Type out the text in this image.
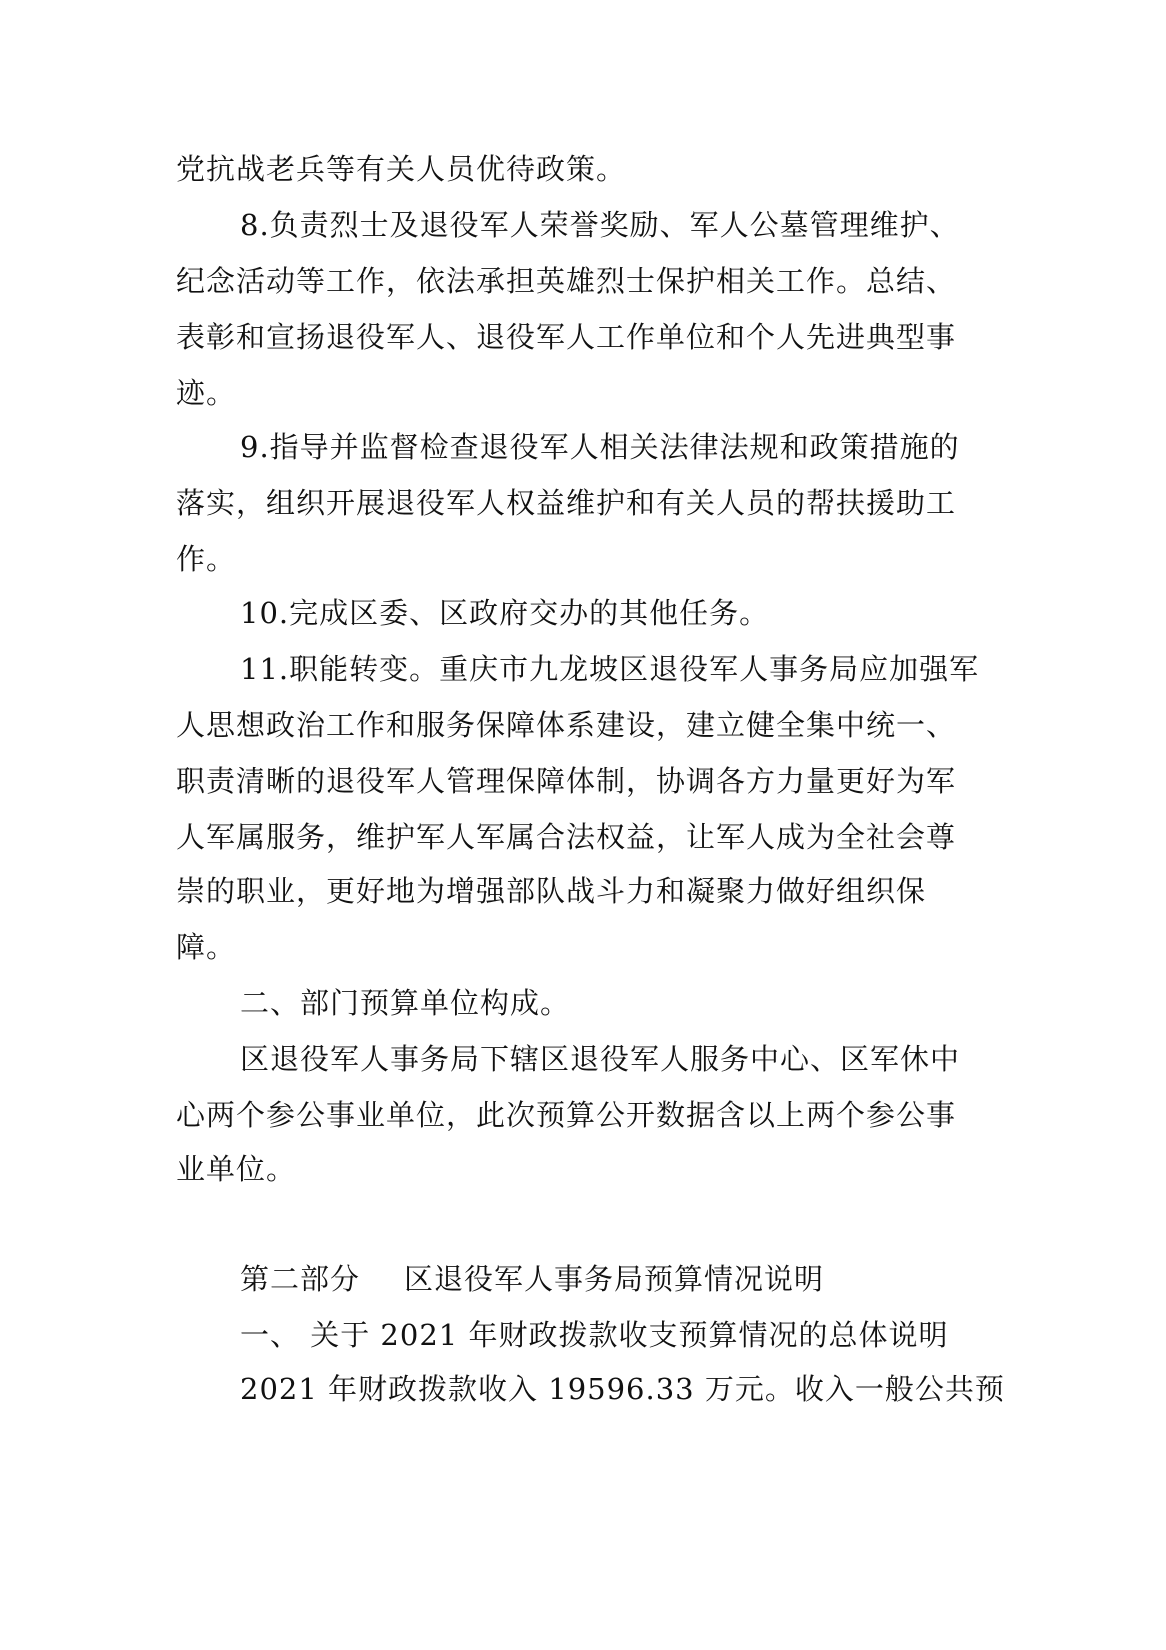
党抗战老兵等有关人员优待政策。
8.负责烈士及退役军人荣誉奖励、军人公墓管理维护、
纪念活动等工作，依法承担英雄烈士保护相关工作。总结、
表彰和宣扬退役军人、退役军人工作单位和个人先进典型事
迹。
9.指导并监督检查退役军人相关法律法规和政策措施的
落实，组织开展退役军人权益维护和有关人员的帮扶援助工
作。
10.完成区委、区政府交办的其他任务。
11.职能转变。重庆市九龙坡区退役军人事务局应加强军
人思想政治工作和服务保障体系建设，建立健全集中统一、
职责清晰的退役军人管理保障体制，协调各方力量更好为军
人军属服务，维护军人军属合法权益，让军人成为全社会尊
崇的职业，更好地为增强部队战斗力和凝聚力做好组织保
障。
二、部门预算单位构成。
区退役军人事务局下辖区退役军人服务中心、区军休中
心两个参公事业单位，此次预算公开数据含以上两个参公事
业单位。
第二部分 区退役军人事务局预算情况说明
一、 关于 2021 年财政拨款收支预算情况的总体说明
2021 年财政拨款收入 19596.33 万元。收入一般公共预
